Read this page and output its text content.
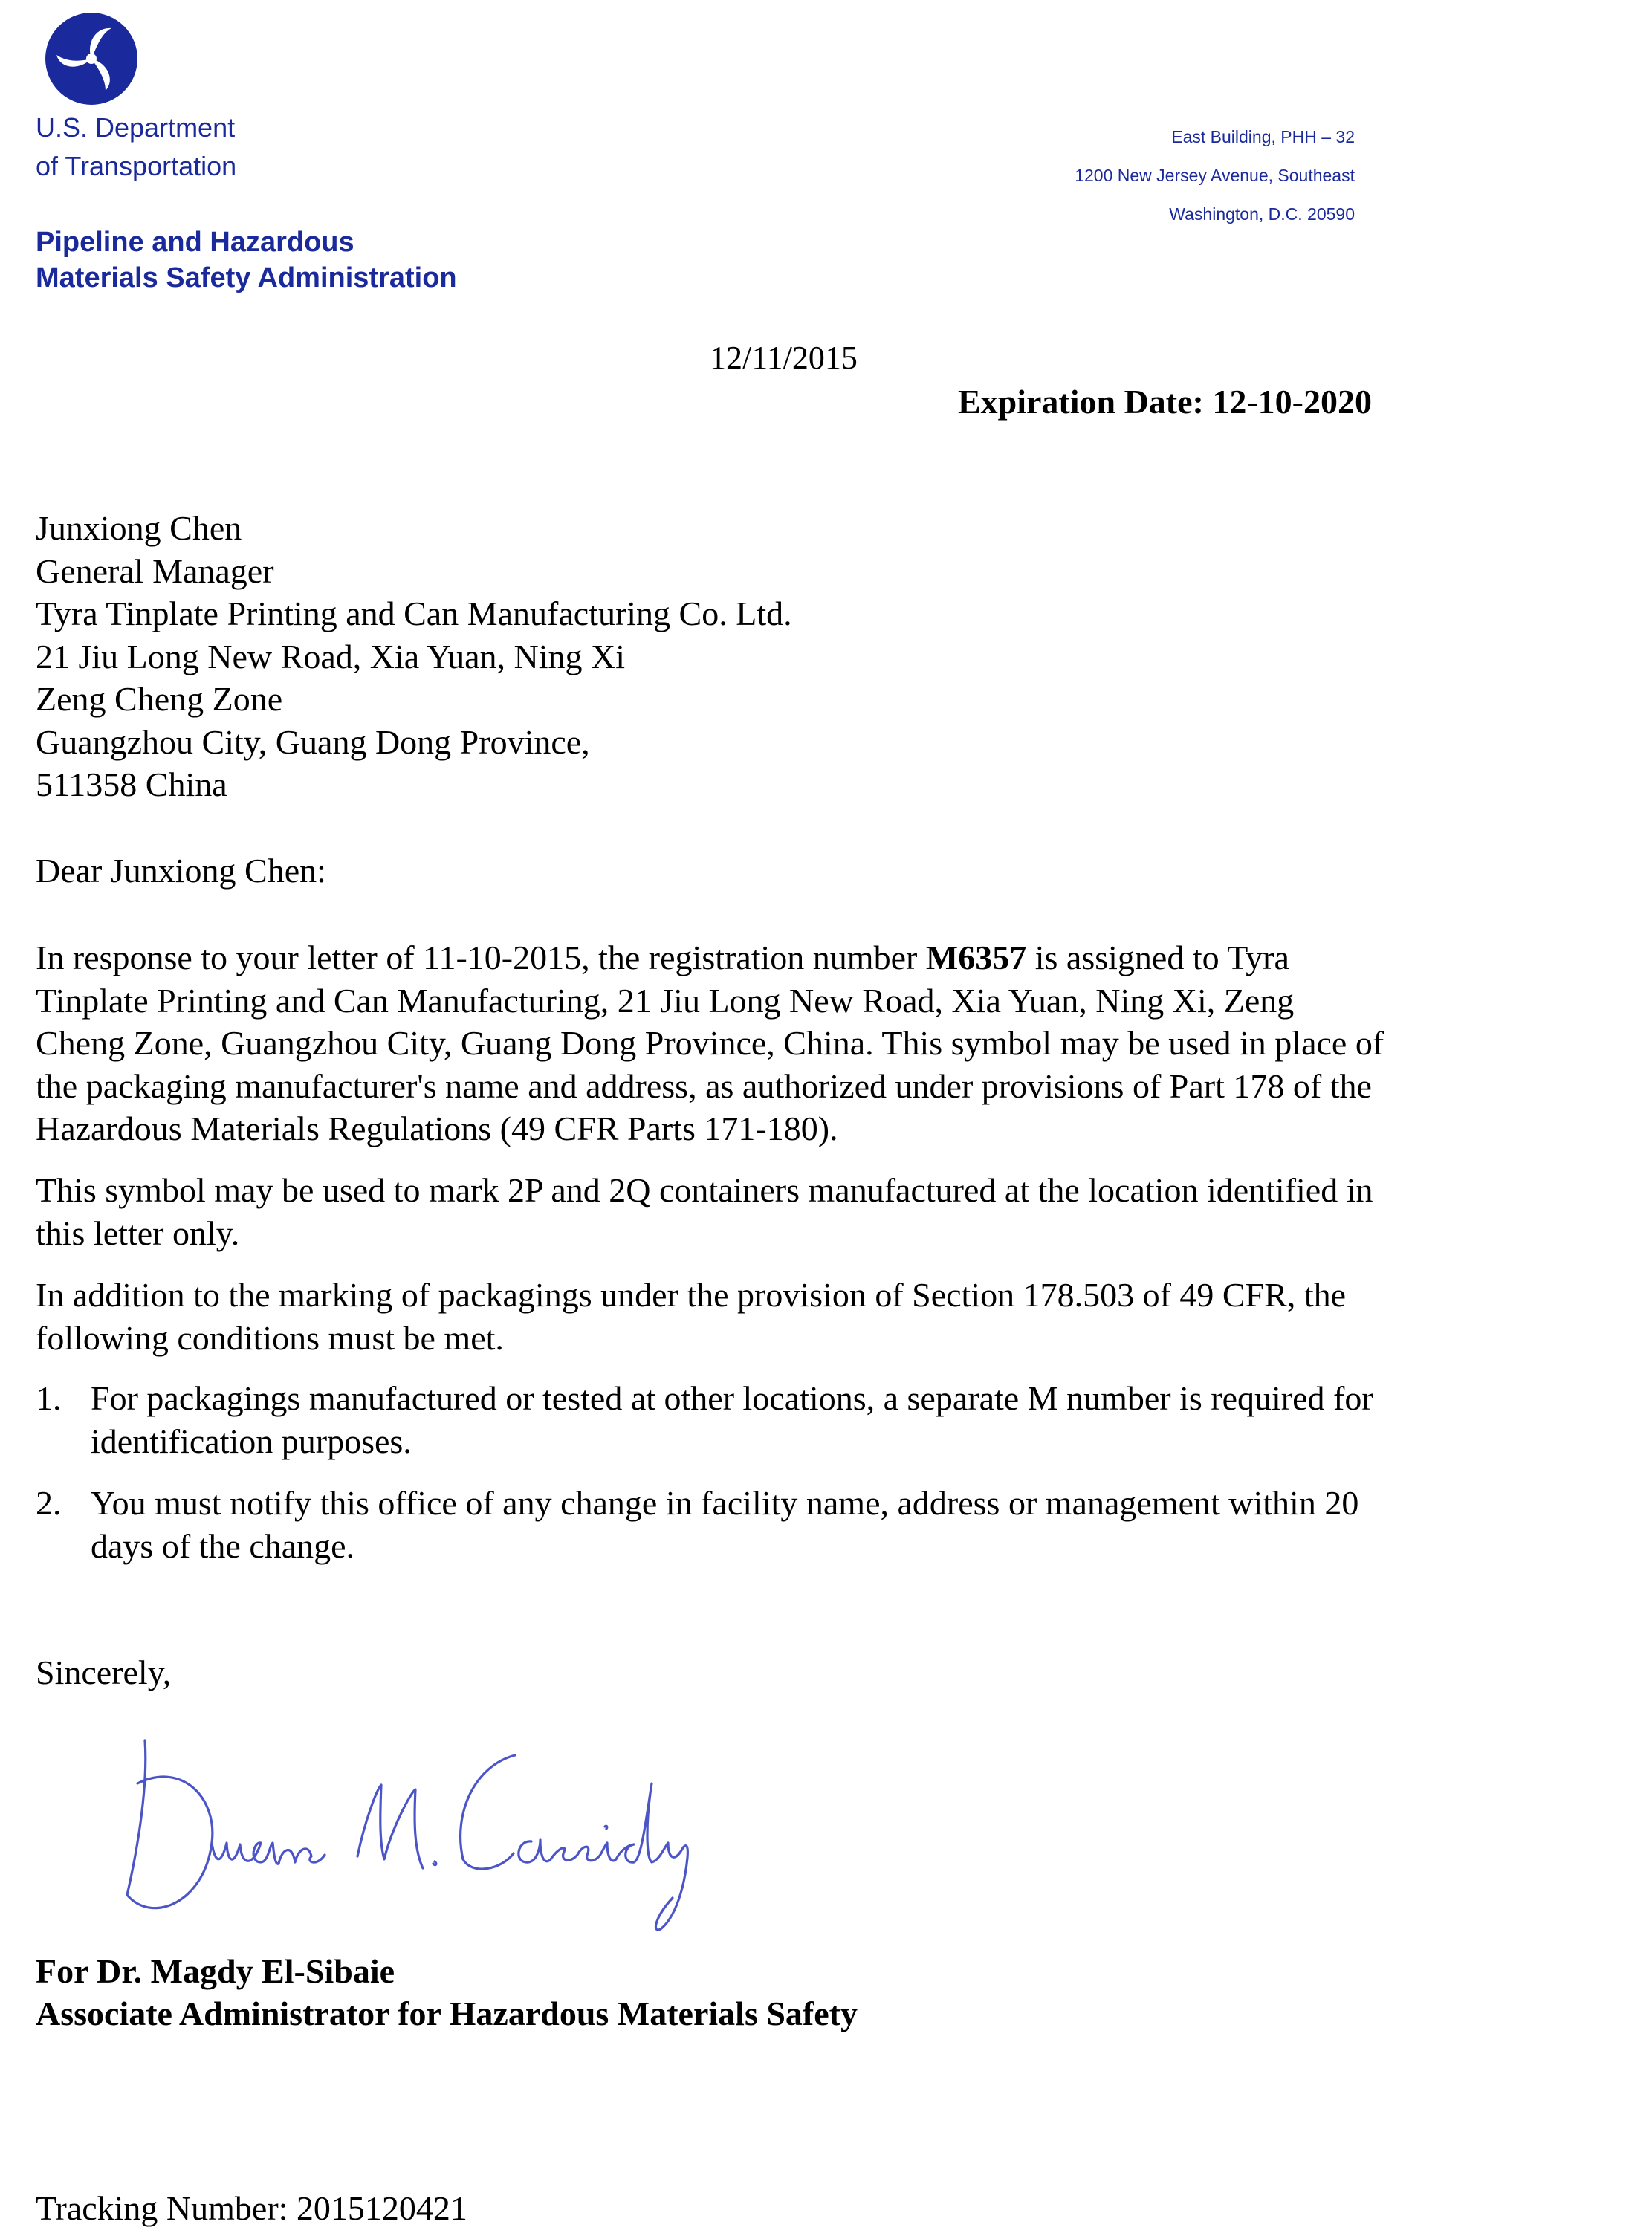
U.S. Department
of Transportation
Pipeline and Hazardous
Materials Safety Administration
East Building, PHH – 32
1200 New Jersey Avenue, Southeast
Washington, D.C. 20590
12/11/2015
Expiration Date: 12-10-2020
Junxiong Chen
General Manager
Tyra Tinplate Printing and Can Manufacturing Co. Ltd.
21 Jiu Long New Road, Xia Yuan, Ning Xi
Zeng Cheng Zone
Guangzhou City, Guang Dong Province,
511358 China
Dear Junxiong Chen:
In response to your letter of 11-10-2015, the registration number M6357 is assigned to Tyra Tinplate Printing and Can Manufacturing, 21 Jiu Long New Road, Xia Yuan, Ning Xi, Zeng Cheng Zone, Guangzhou City, Guang Dong Province, China. This symbol may be used in place of the packaging manufacturer's name and address, as authorized under provisions of Part 178 of the Hazardous Materials Regulations (49 CFR Parts 171-180).
This symbol may be used to mark 2P and 2Q containers manufactured at the location identified in this letter only.
In addition to the marking of packagings under the provision of Section 178.503 of 49 CFR, the following conditions must be met.
1. For packagings manufactured or tested at other locations, a separate M number is required for identification purposes.
2. You must notify this office of any change in facility name, address or management within 20 days of the change.
Sincerely,
For Dr. Magdy El-Sibaie
Associate Administrator for Hazardous Materials Safety
Tracking Number: 2015120421
